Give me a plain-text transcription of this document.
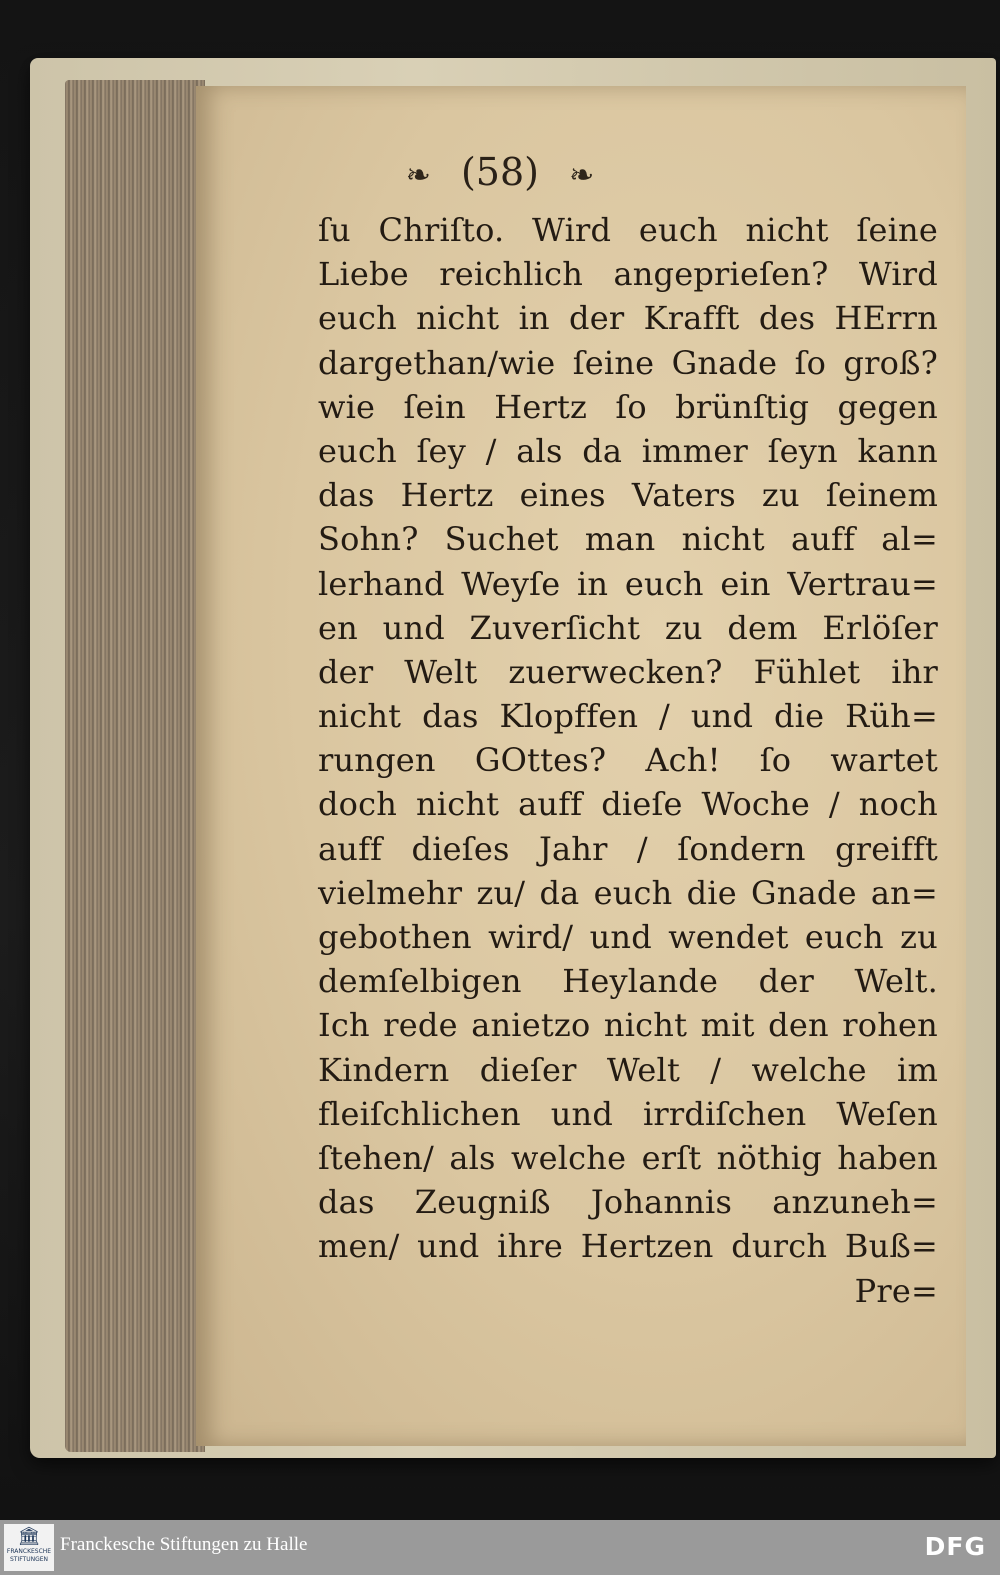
❧ (58) ❧
ſu Chriſto. Wird euch nicht ſeine
Liebe reichlich angeprieſen? Wird
euch nicht in der Krafft des HErrn
dargethan/wie ſeine Gnade ſo groß?
wie ſein Hertz ſo brünſtig gegen
euch ſey / als da immer ſeyn kann
das Hertz eines Vaters zu ſeinem
Sohn? Suchet man nicht auff al=
lerhand Weyſe in euch ein Vertrau=
en und Zuverſicht zu dem Erlöſer
der Welt zuerwecken? Fühlet ihr
nicht das Klopffen / und die Rüh=
rungen GOttes? Ach! ſo wartet
doch nicht auff dieſe Woche / noch
auff dieſes Jahr / ſondern greifft
vielmehr zu/ da euch die Gnade an=
gebothen wird/ und wendet euch zu
demſelbigen Heylande der Welt.
Ich rede anietzo nicht mit den rohen
Kindern dieſer Welt / welche im
fleiſchlichen und irrdiſchen Weſen
ſtehen/ als welche erſt nöthig haben
das Zeugniß Johannis anzuneh=
men/ und ihre Hertzen durch Buß=
Pre=
🏛
FRANCKESCHE STIFTUNGEN
Franckesche Stiftungen zu Halle	DFG
